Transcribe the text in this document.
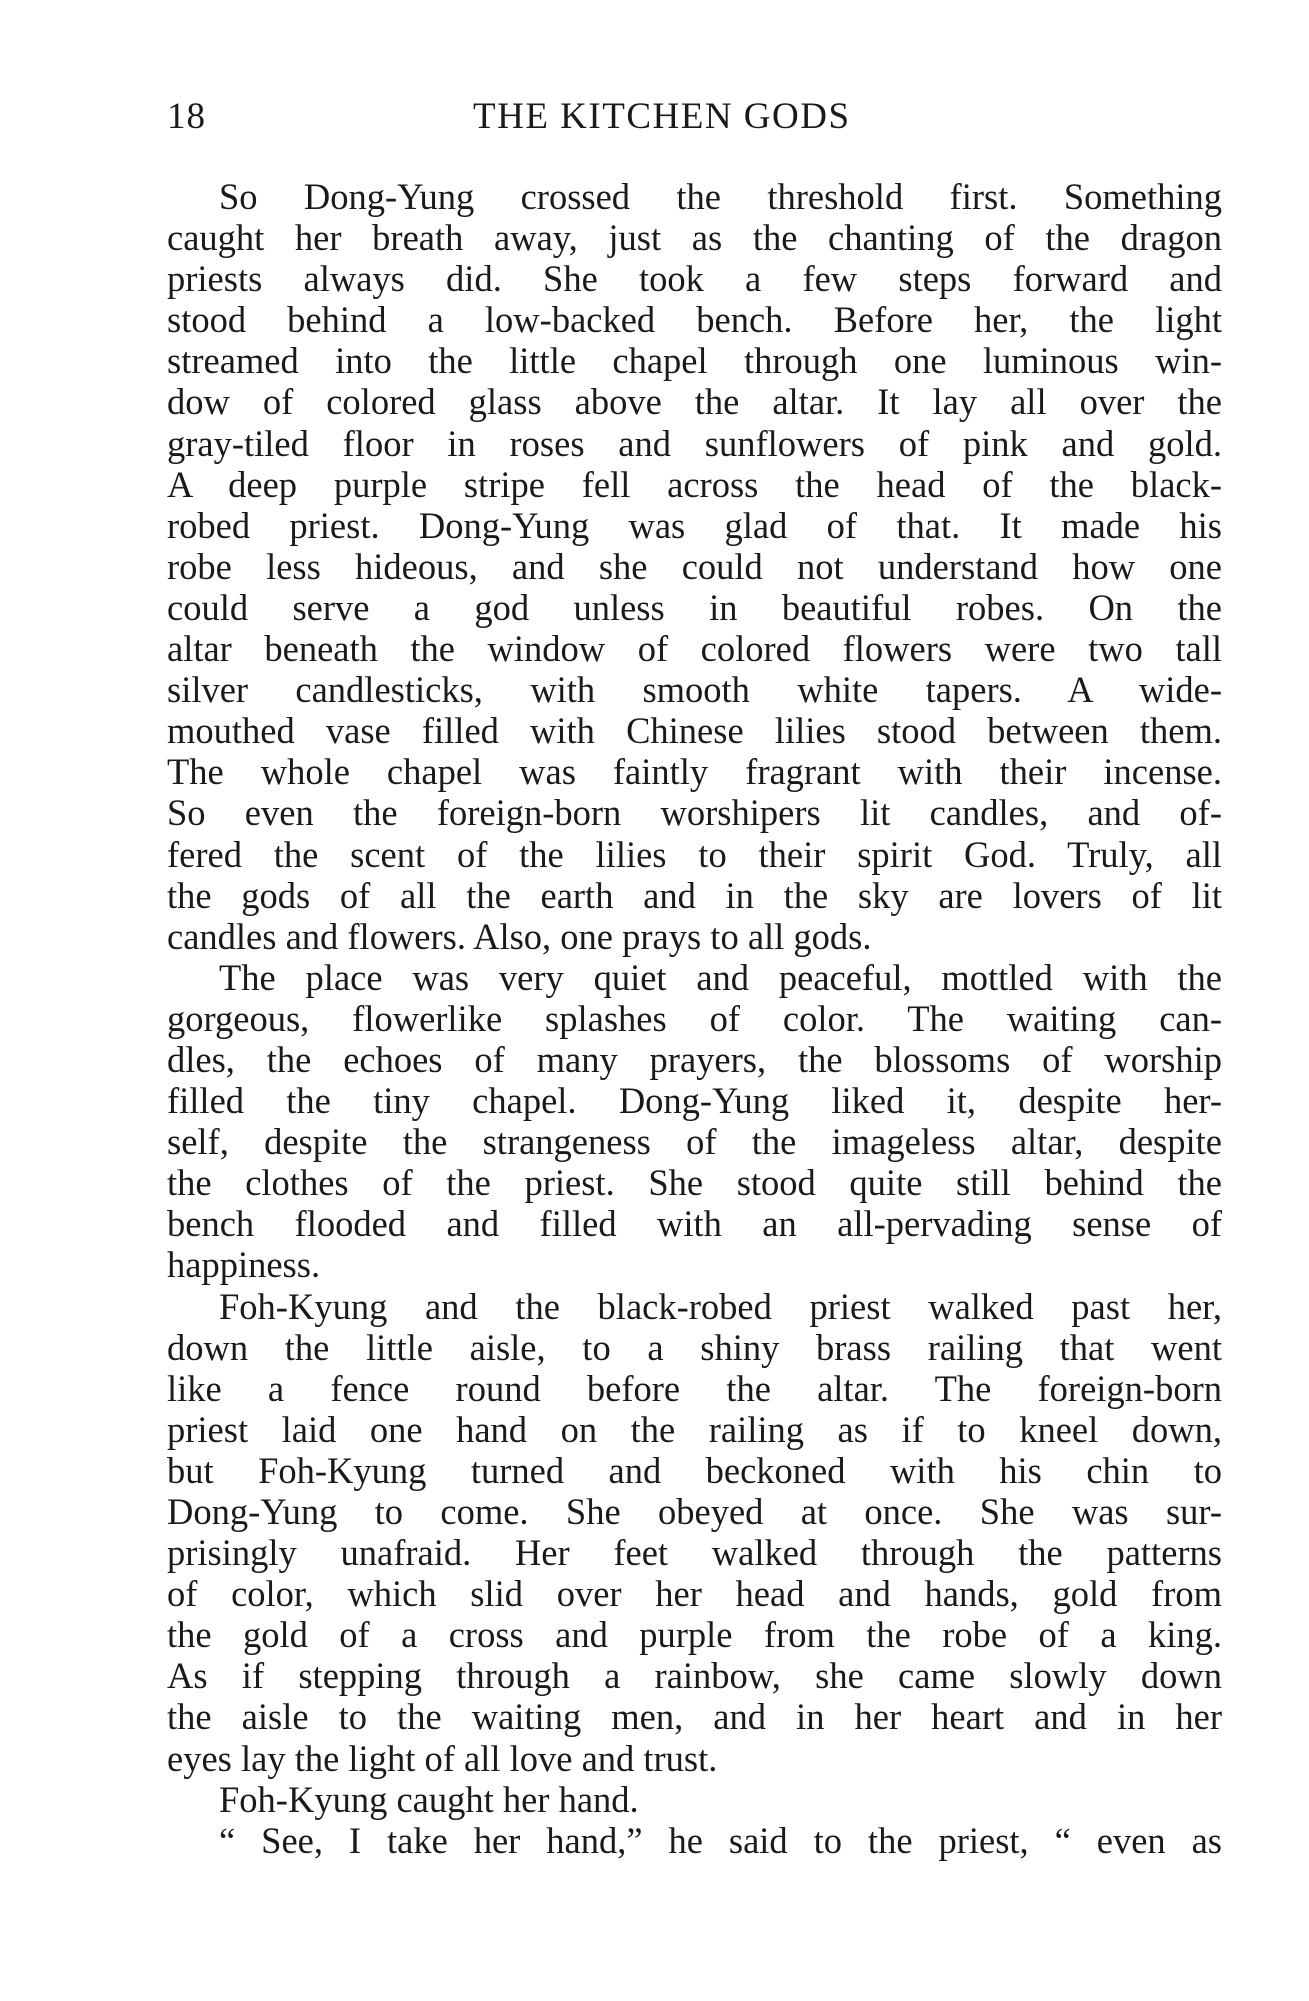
18	THE KITCHEN GODS
So Dong-Yung crossed the threshold first. Something
caught her breath away, just as the chanting of the dragon
priests always did. She took a few steps forward and
stood behind a low-backed bench. Before her, the light
streamed into the little chapel through one luminous win-
dow of colored glass above the altar. It lay all over the
gray-tiled floor in roses and sunflowers of pink and gold.
A deep purple stripe fell across the head of the black-
robed priest. Dong-Yung was glad of that. It made his
robe less hideous, and she could not understand how one
could serve a god unless in beautiful robes. On the
altar beneath the window of colored flowers were two tall
silver candlesticks, with smooth white tapers. A wide-
mouthed vase filled with Chinese lilies stood between them.
The whole chapel was faintly fragrant with their incense.
So even the foreign-born worshipers lit candles, and of-
fered the scent of the lilies to their spirit God. Truly, all
the gods of all the earth and in the sky are lovers of lit
candles and flowers. Also, one prays to all gods.
The place was very quiet and peaceful, mottled with the
gorgeous, flowerlike splashes of color. The waiting can-
dles, the echoes of many prayers, the blossoms of worship
filled the tiny chapel. Dong-Yung liked it, despite her-
self, despite the strangeness of the imageless altar, despite
the clothes of the priest. She stood quite still behind the
bench flooded and filled with an all-pervading sense of
happiness.
Foh-Kyung and the black-robed priest walked past her,
down the little aisle, to a shiny brass railing that went
like a fence round before the altar. The foreign-born
priest laid one hand on the railing as if to kneel down,
but Foh-Kyung turned and beckoned with his chin to
Dong-Yung to come. She obeyed at once. She was sur-
prisingly unafraid. Her feet walked through the patterns
of color, which slid over her head and hands, gold from
the gold of a cross and purple from the robe of a king.
As if stepping through a rainbow, she came slowly down
the aisle to the waiting men, and in her heart and in her
eyes lay the light of all love and trust.
Foh-Kyung caught her hand.
“ See, I take her hand,” he said to the priest, “ even as
